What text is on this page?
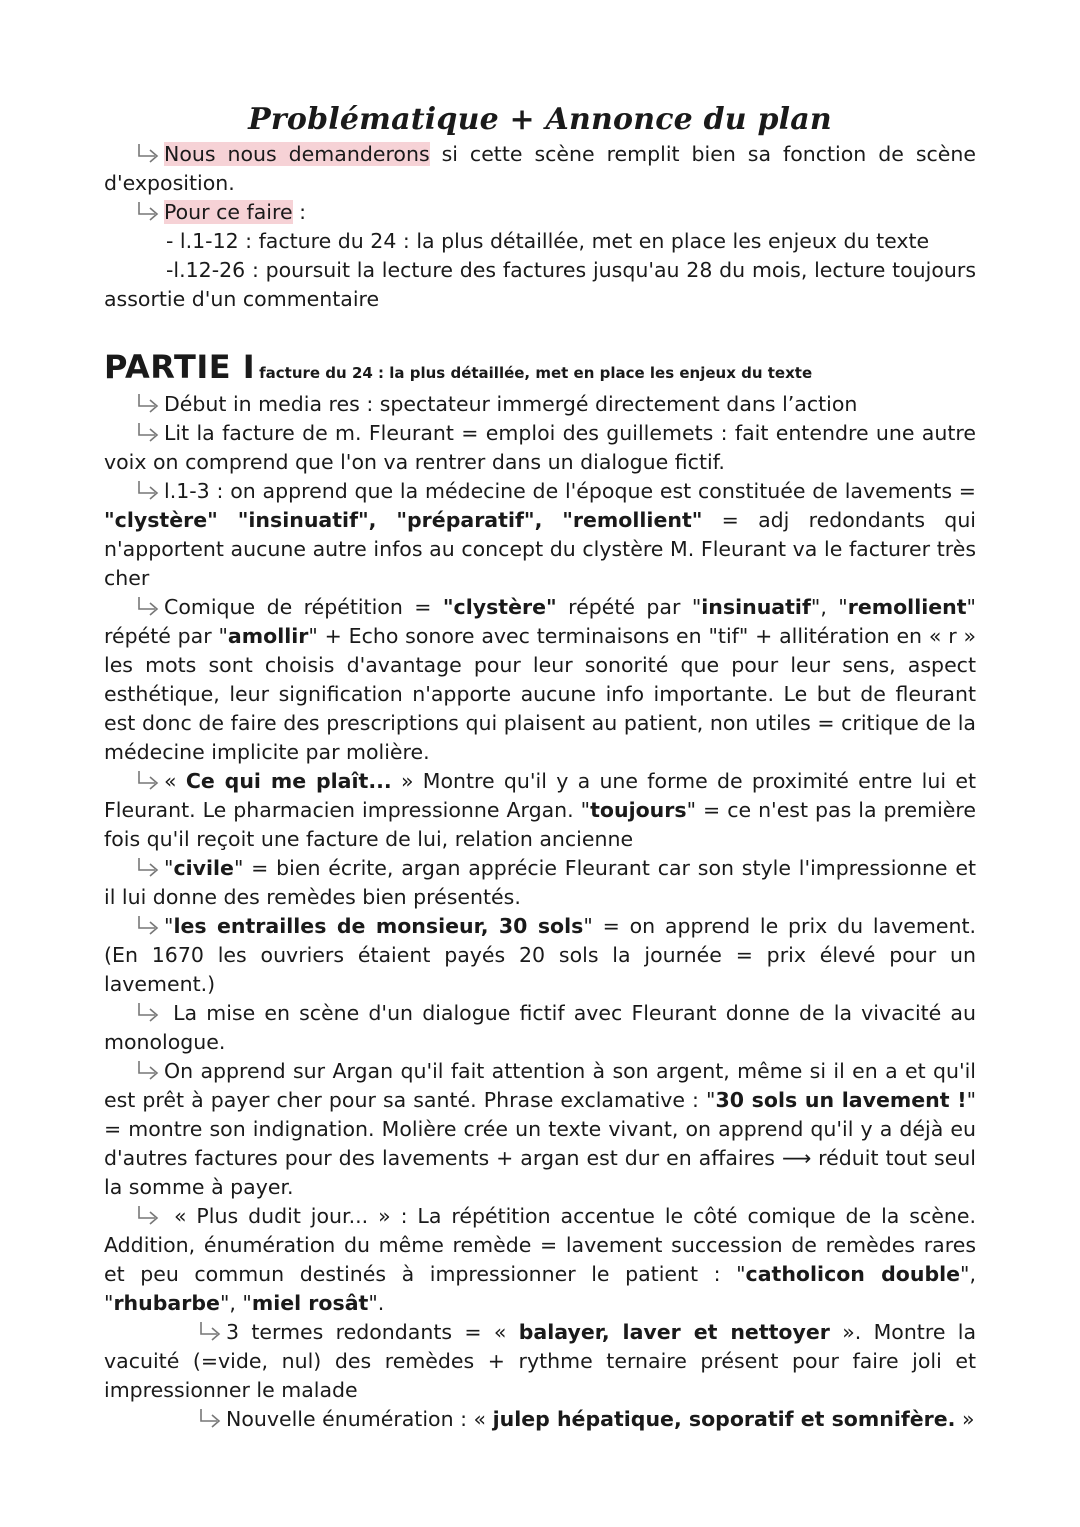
Problématique + Annonce du plan

Nous nous demanderons si cette scène remplit bien sa fonction de scène d'exposition.

Pour ce faire :

- l.1-12 : facture du 24 : la plus détaillée, met en place les enjeux du texte

-l.12-26 : poursuit la lecture des factures jusqu'au 28 du mois, lecture toujours assortie d'un commentaire

PARTIE I facture du 24 : la plus détaillée, met en place les enjeux du texte

Début in media res : spectateur immergé directement dans l’action

Lit la facture de m. Fleurant = emploi des guillemets : fait entendre une autre voix on comprend que l'on va rentrer dans un dialogue fictif.

l.1-3 : on apprend que la médecine de l'époque est constituée de lavements = "clystère" "insinuatif", "préparatif", "remollient" = adj redondants qui n'apportent aucune autre infos au concept du clystère M. Fleurant va le facturer très cher

Comique de répétition = "clystère" répété par "insinuatif", "remollient" répété par "amollir" + Echo sonore avec terminaisons en "tif" + allitération en « r » les mots sont choisis d'avantage pour leur sonorité que pour leur sens, aspect esthétique, leur signification n'apporte aucune info importante. Le but de fleurant est donc de faire des prescriptions qui plaisent au patient, non utiles = critique de la médecine implicite par molière.

« Ce qui me plaît... » Montre qu'il y a une forme de proximité entre lui et Fleurant. Le pharmacien impressionne Argan. "toujours" = ce n'est pas la première fois qu'il reçoit une facture de lui, relation ancienne

"civile" = bien écrite, argan apprécie Fleurant car son style l'impressionne et il lui donne des remèdes bien présentés.

"les entrailles de monsieur, 30 sols" = on apprend le prix du lavement. (En 1670 les ouvriers étaient payés 20 sols la journée = prix élevé pour un lavement.)

La mise en scène d'un dialogue fictif avec Fleurant donne de la vivacité au monologue.

On apprend sur Argan qu'il fait attention à son argent, même si il en a et qu'il est prêt à payer cher pour sa santé. Phrase exclamative : "30 sols un lavement !" = montre son indignation. Molière crée un texte vivant, on apprend qu'il y a déjà eu d'autres factures pour des lavements + argan est dur en affaires ⟶ réduit tout seul la somme à payer.

« Plus dudit jour... » : La répétition accentue le côté comique de la scène. Addition, énumération du même remède = lavement succession de remèdes rares et peu commun destinés à impressionner le patient : "catholicon double", "rhubarbe", "miel rosât".

3 termes redondants = « balayer, laver et nettoyer ». Montre la vacuité (=vide, nul) des remèdes + rythme ternaire présent pour faire joli et impressionner le malade

Nouvelle énumération : « julep hépatique, soporatif et somnifère. »
